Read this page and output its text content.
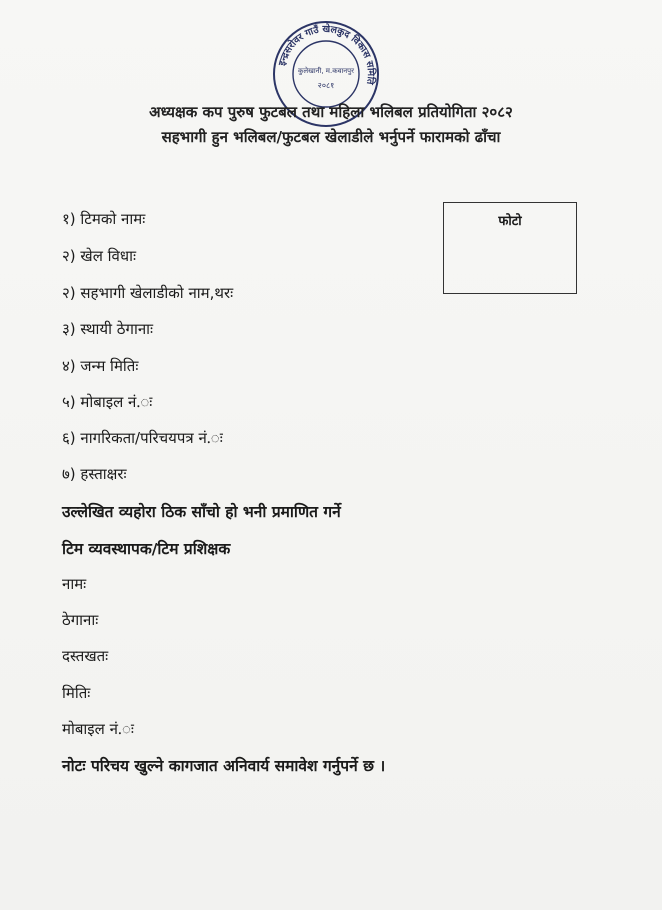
इन्द्रसरोवर गाउँ खेलकुद विकास समिति
कुलेखानी, म.कवानपुर
२०८१
अध्यक्षक कप पुरुष फुटबल तथा महिला भलिबल प्रतियोगिता २०८२
सहभागी हुन भलिबल/फुटबल खेलाडीले भर्नुपर्ने फारामको ढाँचा
फोटो
१) टिमको नामः
२) खेल विधाः
२) सहभागी खेलाडीको नाम,थरः
३) स्थायी ठेगानाः
४) जन्म मितिः
५) मोबाइल नं.ः
६) नागरिकता/परिचयपत्र नं.ः
७) हस्ताक्षरः
उल्लेखित व्यहोरा ठिक साँचो हो भनी प्रमाणित गर्ने
टिम व्यवस्थापक/टिम प्रशिक्षक
नामः
ठेगानाः
दस्तखतः
मितिः
मोबाइल नं.ः
नोटः परिचय खुल्ने कागजात अनिवार्य समावेश गर्नुपर्ने छ ।
